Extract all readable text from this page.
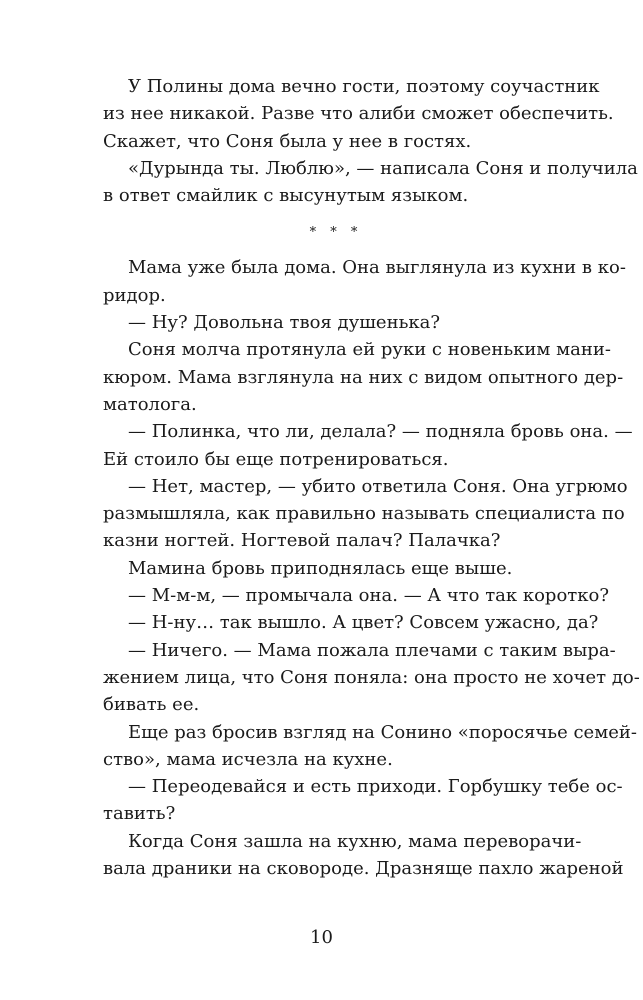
У Полины дома вечно гости, поэтому соучастник
из нее никакой. Разве что алиби сможет обеспечить.
Скажет, что Соня была у нее в гостях.
«Дурында ты. Люблю», — написала Соня и получила
в ответ смайлик с высунутым языком.
* * *
Мама уже была дома. Она выглянула из кухни в ко-
ридор.
— Ну? Довольна твоя душенька?
Соня молча протянула ей руки с новеньким мани-
кюром. Мама взглянула на них с видом опытного дер-
матолога.
— Полинка, что ли, делала? — подняла бровь она. —
Ей стоило бы еще потренироваться.
— Нет, мастер, — убито ответила Соня. Она угрюмо
размышляла, как правильно называть специалиста по
казни ногтей. Ногтевой палач? Палачка?
Мамина бровь приподнялась еще выше.
— М-м-м, — промычала она. — А что так коротко?
— Н-ну… так вышло. А цвет? Совсем ужасно, да?
— Ничего. — Мама пожала плечами с таким выра-
жением лица, что Соня поняла: она просто не хочет до-
бивать ее.
Еще раз бросив взгляд на Сонино «поросячье семей-
ство», мама исчезла на кухне.
— Переодевайся и есть приходи. Горбушку тебе ос-
тавить?
Когда Соня зашла на кухню, мама переворачи-
вала драники на сковороде. Дразняще пахло жареной
10
